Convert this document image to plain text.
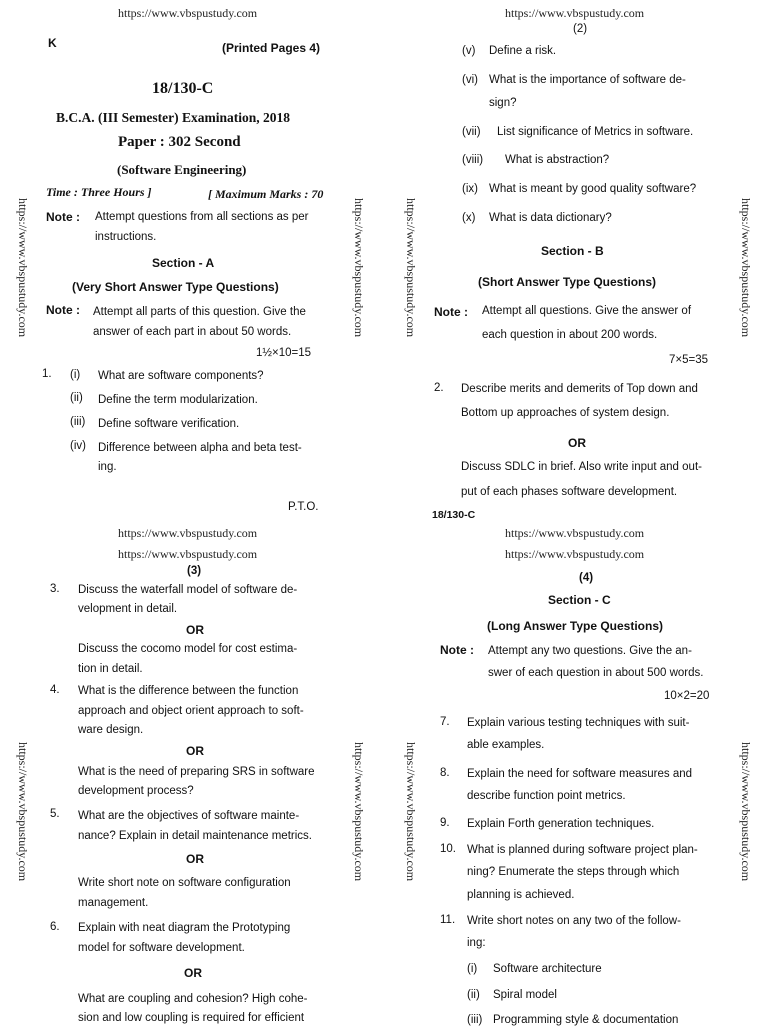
https://www.vbspustudy.com	https://www.vbspustudy.com
https://www.vbspustudy.com	https://www.vbspustudy.com	https://www.vbspustudy.com	https://www.vbspustudy.com
https://www.vbspustudy.com	https://www.vbspustudy.com	https://www.vbspustudy.com	https://www.vbspustudy.com
K	(Printed Pages 4)
18/130-C
B.C.A. (III Semester) Examination, 2018
Paper : 302 Second
(Software Engineering)
Time : Three Hours ]	[ Maximum Marks : 70
Note : Attempt questions from all sections as per
instructions.
Section - A
(Very Short Answer Type Questions)
Note : Attempt all parts of this question. Give the
answer of each part in about 50 words.
1½×10=15
1. (i) What are software components?
(ii) Define the term modularization.
(iii) Define software verification.
(iv) Difference between alpha and beta test-
ing.
P.T.O.
(2)
(v) Define a risk.
(vi) What is the importance of software de-
sign?
(vii) List significance of Metrics in software.
(viii) What is abstraction?
(ix) What is meant by good quality software?
(x) What is data dictionary?
Section - B
(Short Answer Type Questions)
Note : Attempt all questions. Give the answer of
each question in about 200 words.
7×5=35
2. Describe merits and demerits of Top down and
Bottom up approaches of system design.
OR
Discuss SDLC in brief. Also write input and out-
put of each phases software development.
18/130-C
https://www.vbspustudy.com	https://www.vbspustudy.com
https://www.vbspustudy.com	https://www.vbspustudy.com
(3)
3. Discuss the waterfall model of software de-
velopment in detail.
OR
Discuss the cocomo model for cost estima-
tion in detail.
4. What is the difference between the function
approach and object orient approach to soft-
ware design.
OR
What is the need of preparing SRS in software
development process?
5. What are the objectives of software mainte-
nance? Explain in detail maintenance metrics.
OR
Write short note on software configuration
management.
6. Explain with neat diagram the Prototyping
model for software development.
OR
What are coupling and cohesion? High cohe-
sion and low coupling is required for efficient
(4)
Section - C
(Long Answer Type Questions)
Note : Attempt any two questions. Give the an-
swer of each question in about 500 words.
10×2=20
7. Explain various testing techniques with suit-
able examples.
8. Explain the need for software measures and
describe function point metrics.
9. Explain Forth generation techniques.
10. What is planned during software project plan-
ning? Enumerate the steps through which
planning is achieved.
11. Write short notes on any two of the follow-
ing:
(i) Software architecture
(ii) Spiral model
(iii) Programming style & documentation
